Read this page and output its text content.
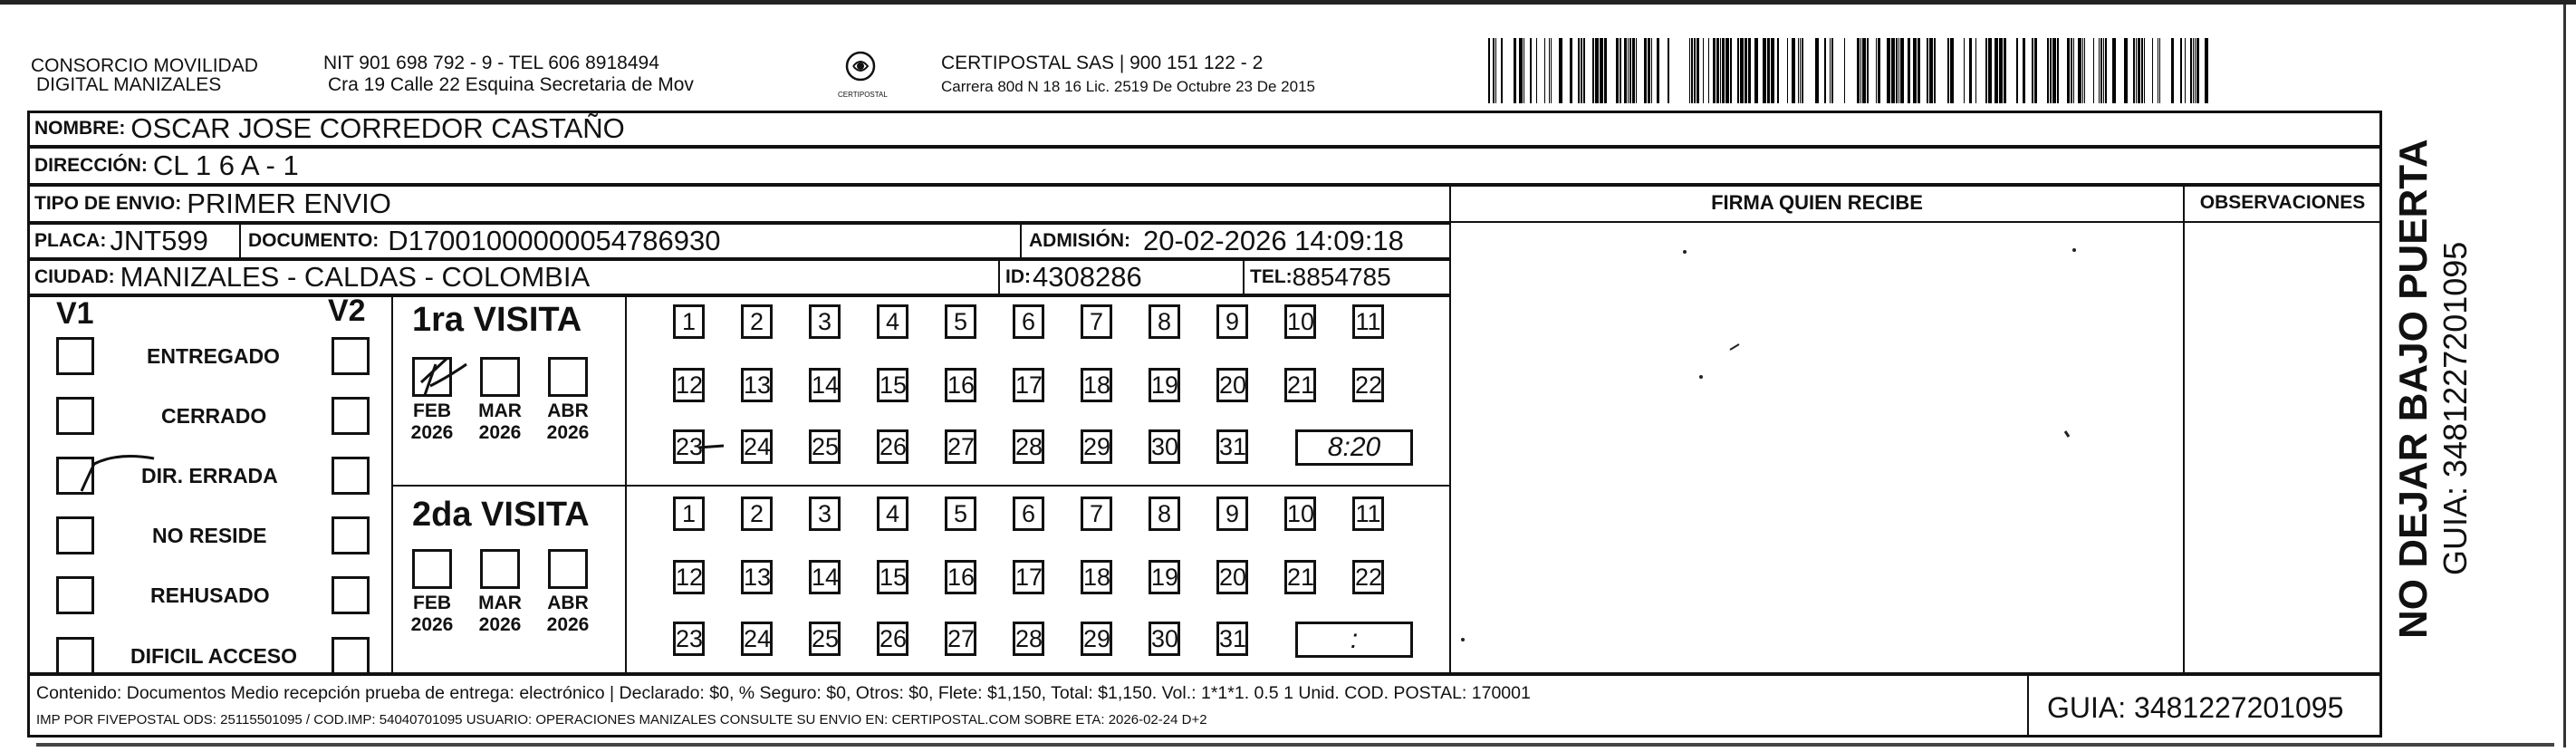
CONSORCIO MOVILIDAD
DIGITAL MANIZALES
NIT 901 698 792 - 9 - TEL 606 8918494
Cra 19 Calle 22 Esquina Secretaria de Mov	CERTIPOSTAL
CERTIPOSTAL SAS | 900 151 122 - 2
Carrera 80d N 18 16 Lic. 2519 De Octubre 23 De 2015
NO DEJAR BAJO PUERTA GUIA: 3481227201095
NOMBRE: OSCAR JOSE CORREDOR CASTAÑO
DIRECCIÓN: CL 1 6 A - 1
TIPO DE ENVIO: PRIMER ENVIO	FIRMA QUIEN RECIBE	OBSERVACIONES
PLACA: JNT599 DOCUMENTO: D17001000000054786930	ADMISIÓN: 20-02-2026 14:09:18
CIUDAD: MANIZALES - CALDAS - COLOMBIA	ID: 4308286	TEL: 8854785
V1	V2
ENTREGADO
CERRADO
DIR. ERRADA
NO RESIDE
REHUSADO
DIFICIL ACCESO
1ra VISITA
2da VISITA
FEB
2026
MAR
2026
ABR
2026
1	2	3	4	5	6	7	8	9	10 11
12 13 14 15 16 17 18 19 20 21 22
23 24 25 26 27 28 29 30 31	8:20
FEB
2026
MAR
2026
ABR
2026
1	2	3	4	5	6	7	8	9	10 11
12 13 14 15 16 17 18 19 20 21 22
23 24 25 26 27 28 29 30 31	:
Contenido: Documentos Medio recepción prueba de entrega: electrónico | Declarado: $0, % Seguro: $0, Otros: $0, Flete: $1,150, Total: $1,150. Vol.: 1*1*1. 0.5 1 Unid. COD. POSTAL: 170001
IMP POR FIVEPOSTAL ODS: 25115501095 / COD.IMP: 54040701095 USUARIO: OPERACIONES MANIZALES CONSULTE SU ENVIO EN: CERTIPOSTAL.COM SOBRE ETA: 2026-02-24 D+2	GUIA: 3481227201095
